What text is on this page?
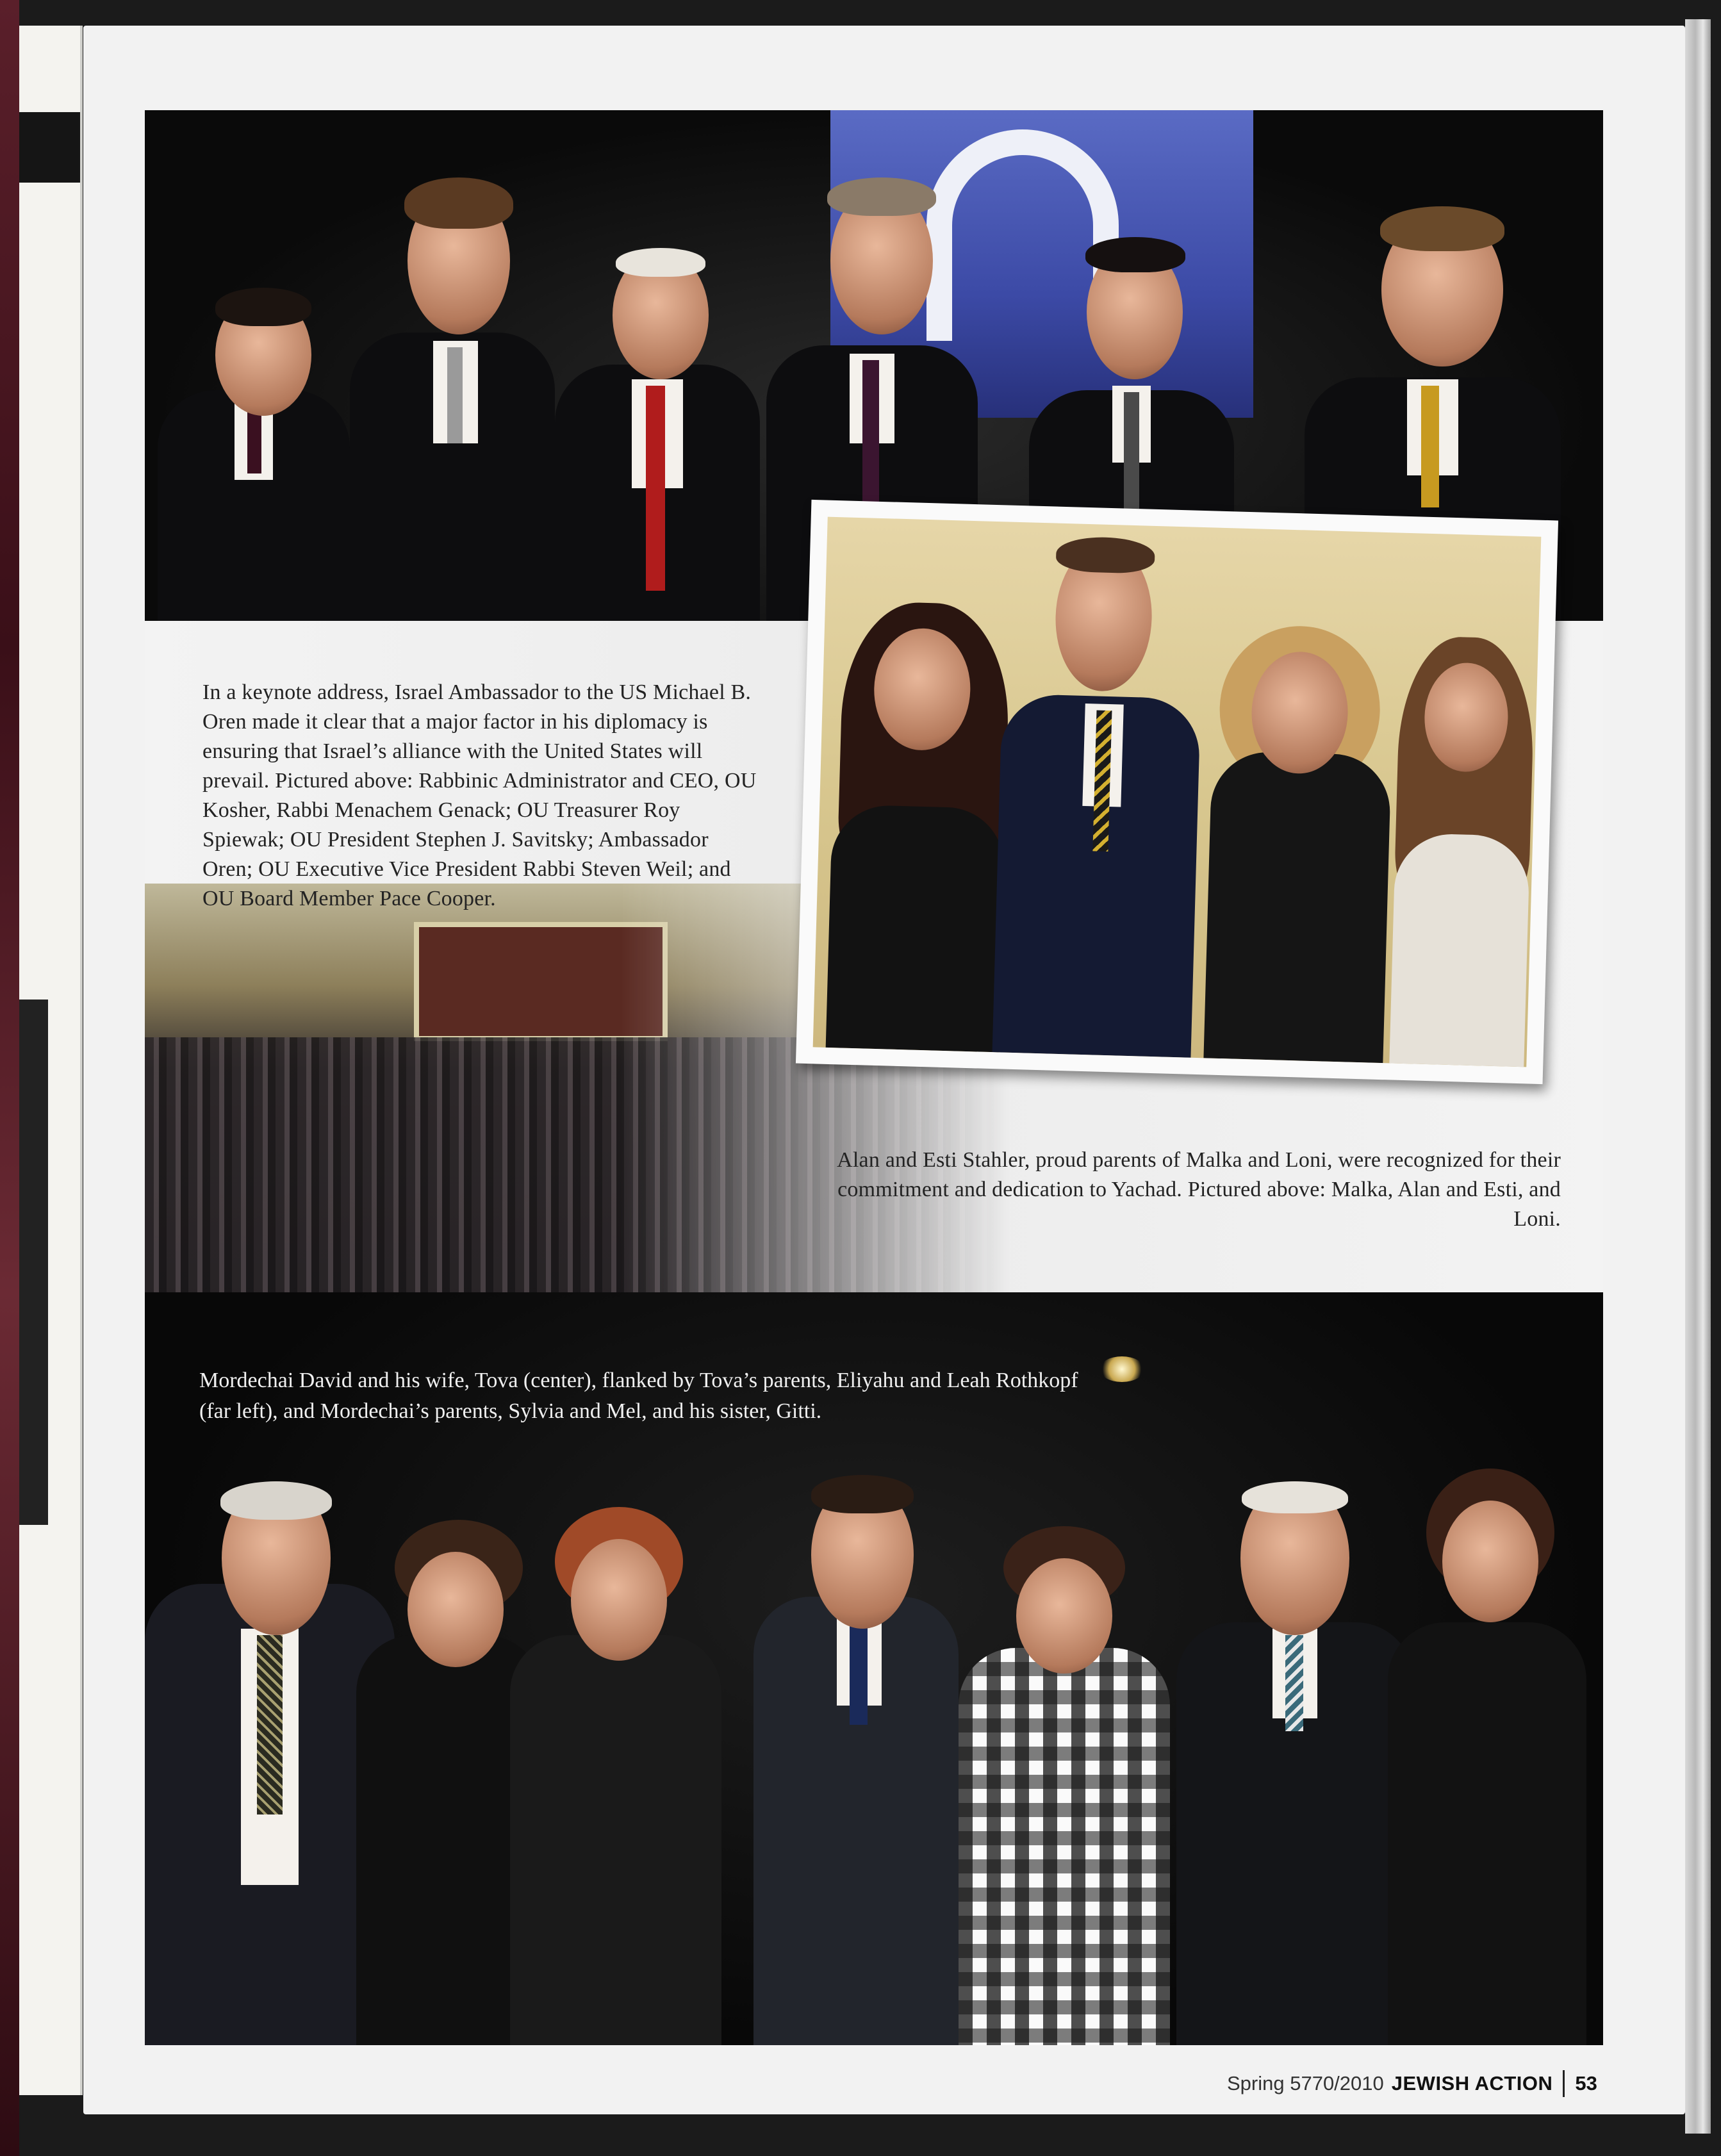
In a keynote address, Israel Ambassador to the US Michael B. Oren made it clear that a major factor in his diplomacy is ensuring that Israel’s alliance with the United States will prevail. Pictured above: Rabbinic Administrator and CEO, OU Kosher, Rabbi Menachem Genack; OU Treasurer Roy Spiewak; OU President Stephen J. Savitsky; Ambassador Oren; OU Executive Vice President Rabbi Steven Weil; and OU Board Member Pace Cooper.

Alan and Esti Stahler, proud parents of Malka and Loni, were recognized for their commitment and dedication to Yachad. Pictured above: Malka, Alan and Esti, and Loni.

Mordechai David and his wife, Tova (center), flanked by Tova’s parents, Eliyahu and Leah Rothkopf (far left), and Mordechai’s parents, Sylvia and Mel, and his sister, Gitti.

Spring 5770/2010 JEWISH ACTION 53
